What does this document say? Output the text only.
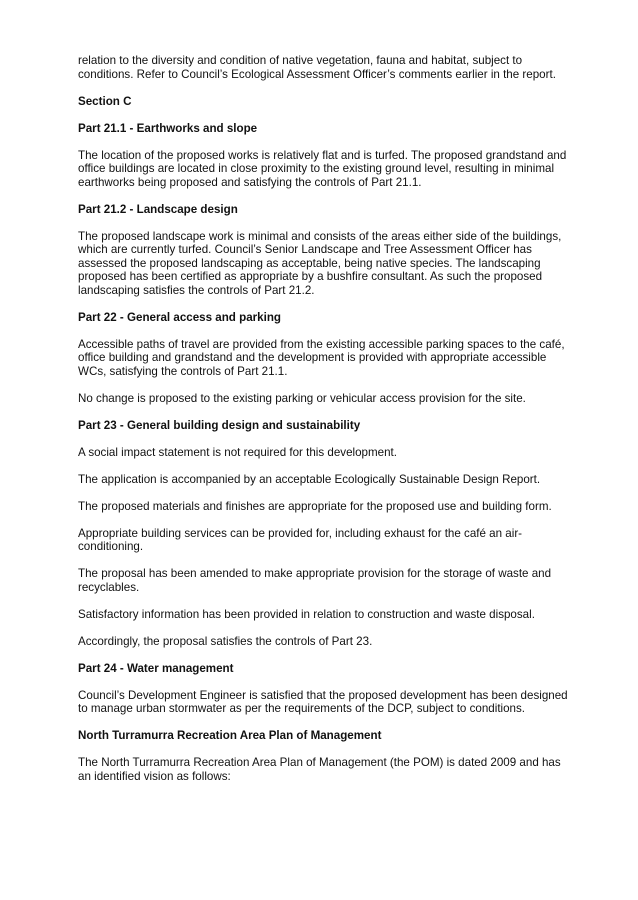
relation to the diversity and condition of native vegetation, fauna and habitat, subject to conditions. Refer to Council’s Ecological Assessment Officer’s comments earlier in the report.

Section C
Part 21.1 - Earthworks and slope

The location of the proposed works is relatively flat and is turfed. The proposed grandstand and office buildings are located in close proximity to the existing ground level, resulting in minimal earthworks being proposed and satisfying the controls of Part 21.1.

Part 21.2 - Landscape design

The proposed landscape work is minimal and consists of the areas either side of the buildings, which are currently turfed. Council’s Senior Landscape and Tree Assessment Officer has assessed the proposed landscaping as acceptable, being native species. The landscaping proposed has been certified as appropriate by a bushfire consultant. As such the proposed landscaping satisfies the controls of Part 21.2.

Part 22 - General access and parking

Accessible paths of travel are provided from the existing accessible parking spaces to the café, office building and grandstand and the development is provided with appropriate accessible WCs, satisfying the controls of Part 21.1.

No change is proposed to the existing parking or vehicular access provision for the site.

Part 23 - General building design and sustainability

A social impact statement is not required for this development.

The application is accompanied by an acceptable Ecologically Sustainable Design Report.

The proposed materials and finishes are appropriate for the proposed use and building form.

Appropriate building services can be provided for, including exhaust for the café an air-conditioning.

The proposal has been amended to make appropriate provision for the storage of waste and recyclables.

Satisfactory information has been provided in relation to construction and waste disposal.

Accordingly, the proposal satisfies the controls of Part 23.

Part 24 - Water management

Council’s Development Engineer is satisfied that the proposed development has been designed to manage urban stormwater as per the requirements of the DCP, subject to conditions.

North Turramurra Recreation Area Plan of Management

The North Turramurra Recreation Area Plan of Management (the POM) is dated 2009 and has an identified vision as follows:
